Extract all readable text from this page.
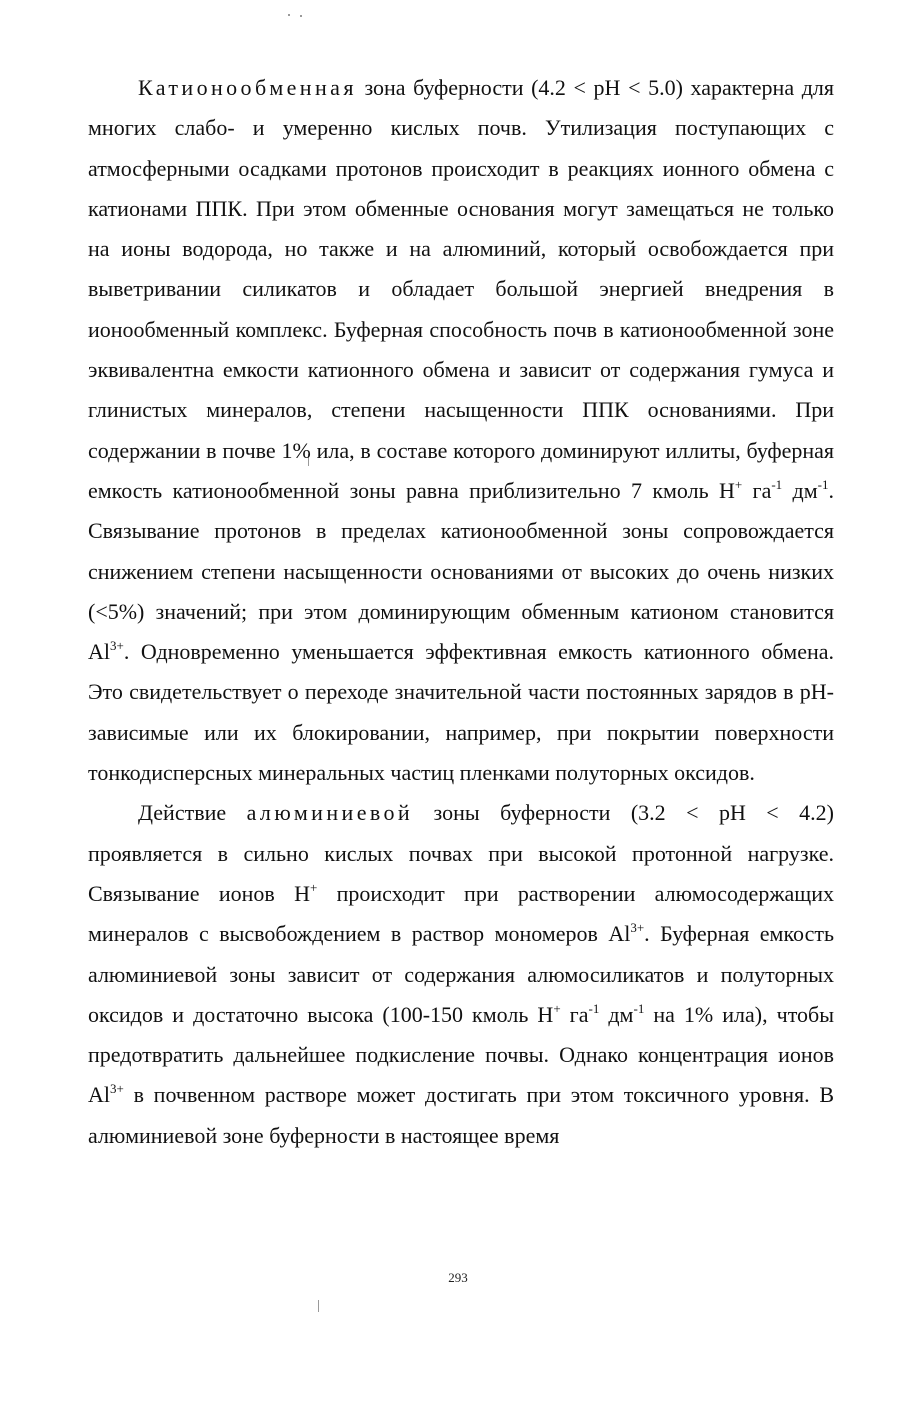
Катионообменная зона буферности (4.2 < pH < 5.0) характерна для многих слабо- и умеренно кислых почв. Утилизация поступающих с атмосферными осадками протонов происходит в реакциях ионного обмена с катионами ППК. При этом обменные основания могут замещаться не только на ионы водорода, но также и на алюминий, который освобождается при выветривании силикатов и обладает большой энергией внедрения в ионообменный комплекс. Буферная способность почв в катионообменной зоне эквивалентна емкости катионного обмена и зависит от содержания гумуса и глинистых минералов, степени насыщенности ППК основаниями. При содержании в почве 1% ила, в составе которого доминируют иллиты, буферная емкость катионообменной зоны равна приблизительно 7 кмоль H+ $га^{-1}$ $дм^{-1}$. Связывание протонов в пределах катионообменной зоны сопровождается снижением степени насыщенности основаниями от высоких до очень низких (<5%) значений; при этом доминирующим обменным катионом становится $Al^{3+}$. Одновременно уменьшается эффективная емкость катионного обмена. Это свидетельствует о переходе значительной части постоянных зарядов в pH-зависимые или их блокировании, например, при покрытии поверхности тонкодисперсных минеральных частиц пленками полуторных оксидов.

Действие алюминиевой зоны буферности (3.2 < pH < 4.2) проявляется в сильно кислых почвах при высокой протонной нагрузке. Связывание ионов H+ происходит при растворении алюмосодержащих минералов с высвобождением в раствор мономеров $Al^{3+}$. Буферная емкость алюминиевой зоны зависит от содержания алюмосиликатов и полуторных оксидов и достаточно высока (100-150 кмоль H+ $га^{-1}$ $дм^{-1}$ на 1% ила), чтобы предотвратить дальнейшее подкисление почвы. Однако концентрация ионов $Al^{3+}$ в почвенном растворе может достигать при этом токсичного уровня. В алюминиевой зоне буферности в настоящее время

293
